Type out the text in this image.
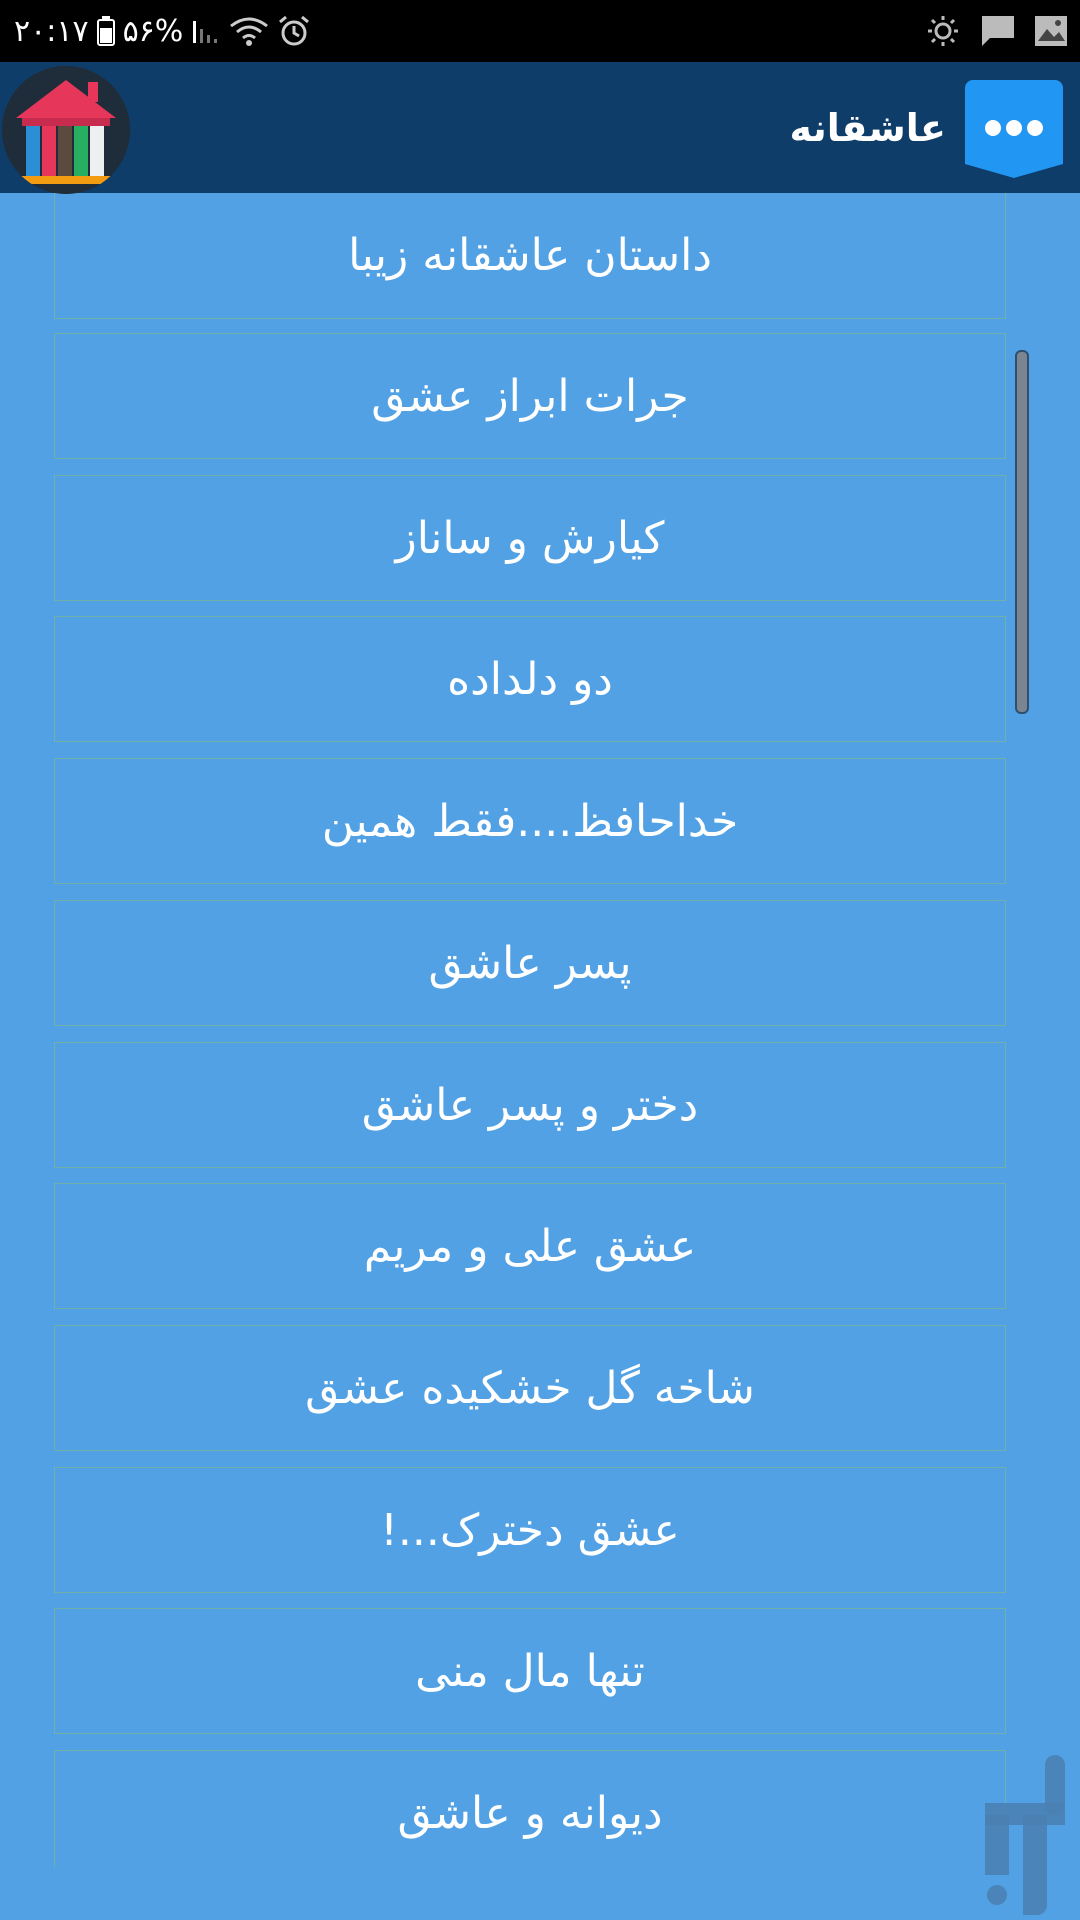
۲۰:۱۷ ۵۶%
عاشقانه
داستان عاشقانه زیبا
جرات ابراز عشق
کیارش و ساناز
دو دلداده
خداحافظ....فقط همین
پسر عاشق
دختر و پسر عاشق
عشق علی و مریم
شاخه گل خشکیده عشق
عشق دخترک...!
تنها مال منی
دیوانه و عاشق
